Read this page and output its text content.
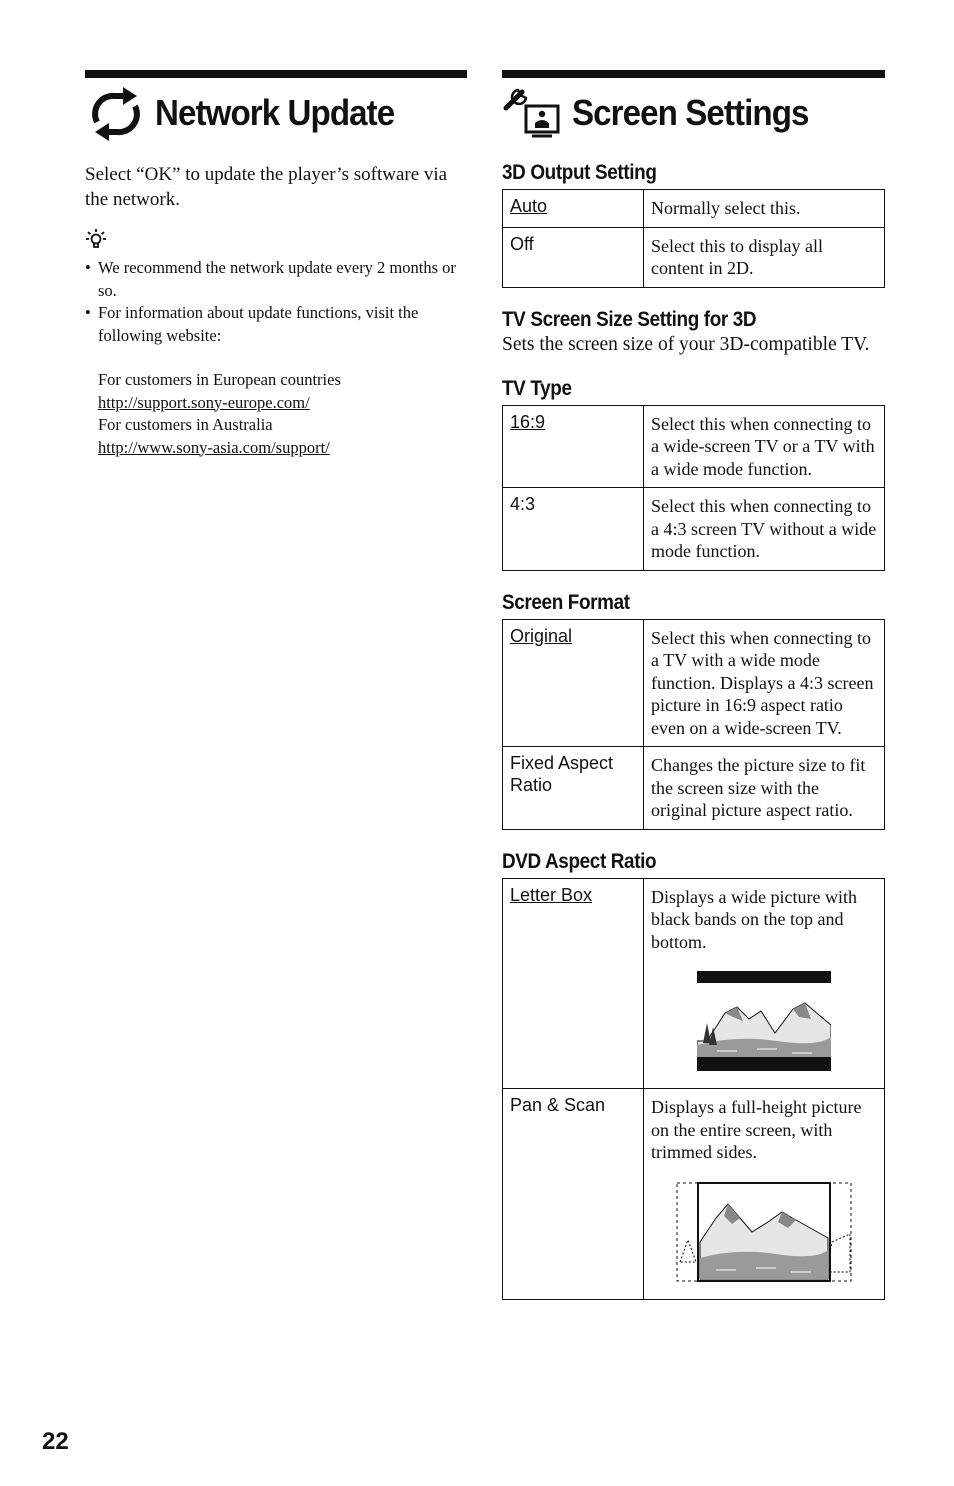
Network Update

Select “OK” to update the player’s software via the network.

• We recommend the network update every 2 months or so.
• For information about update functions, visit the following website:
For customers in European countries
http://support.sony-europe.com/
For customers in Australia
http://www.sony-asia.com/support/
Screen Settings
3D Output Setting
Auto	Normally select this.
Off	Select this to display all content in 2D.
TV Screen Size Setting for 3D

Sets the screen size of your 3D-compatible TV.

TV Type
16:9	Select this when connecting to a wide-screen TV or a TV with a wide mode function.
4:3	Select this when connecting to a 4:3 screen TV without a wide mode function.
Screen Format
Original	Select this when connecting to a TV with a wide mode function. Displays a 4:3 screen picture in 16:9 aspect ratio even on a wide-screen TV.
Fixed Aspect Ratio	Changes the picture size to fit the screen size with the original picture aspect ratio.
DVD Aspect Ratio
Letter Box	Displays a wide picture with black bands on the top and bottom.

Pan & Scan	Displays a full-height picture on the entire screen, with trimmed sides.
22
